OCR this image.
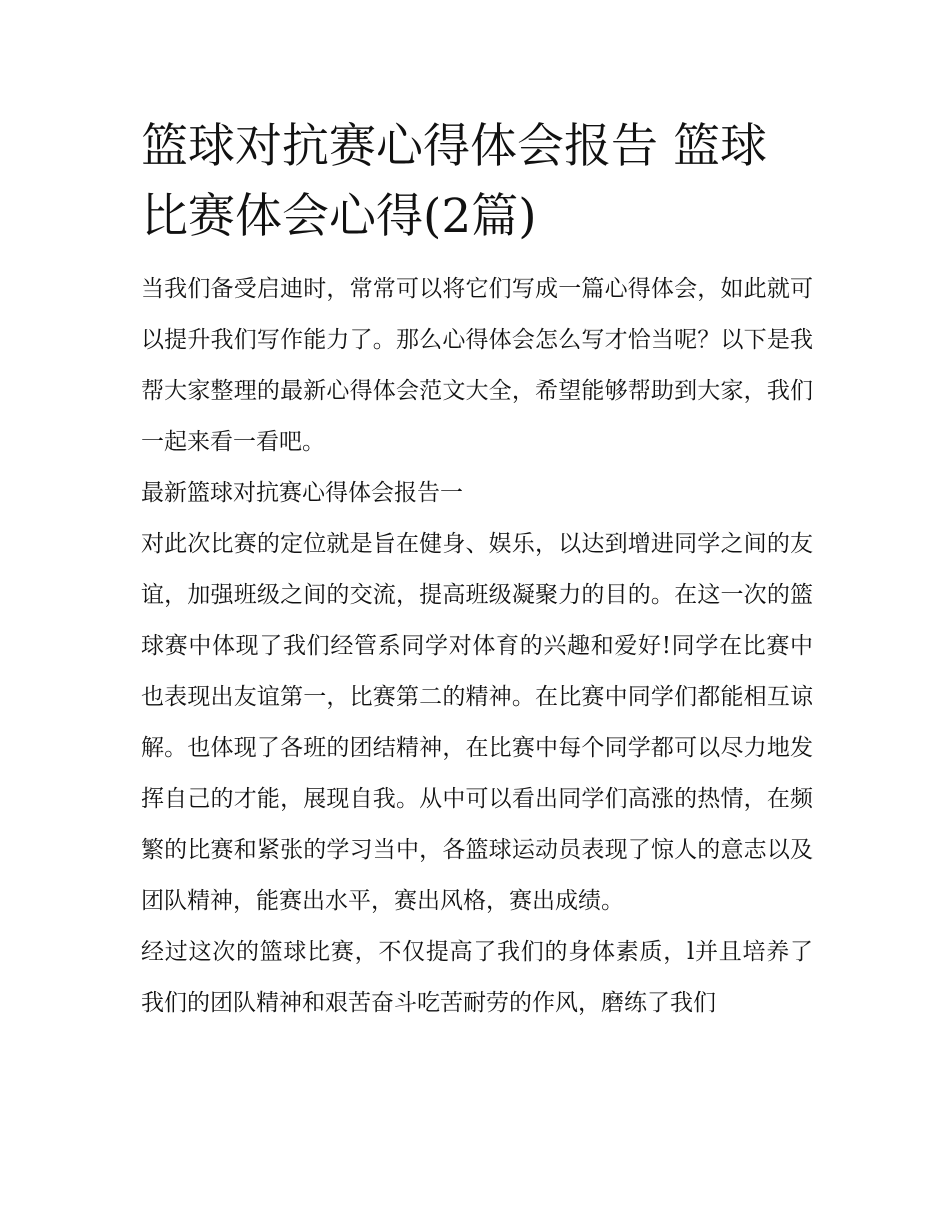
篮球对抗赛心得体会报告 篮球比赛体会心得(2篇)

当我们备受启迪时，常常可以将它们写成一篇心得体会，如此就可以提升我们写作能力了。那么心得体会怎么写才恰当呢？以下是我帮大家整理的最新心得体会范文大全，希望能够帮助到大家，我们一起来看一看吧。

最新篮球对抗赛心得体会报告一

对此次比赛的定位就是旨在健身、娱乐，以达到增进同学之间的友谊，加强班级之间的交流，提高班级凝聚力的目的。在这一次的篮球赛中体现了我们经管系同学对体育的兴趣和爱好!同学在比赛中也表现出友谊第一，比赛第二的精神。在比赛中同学们都能相互谅解。也体现了各班的团结精神，在比赛中每个同学都可以尽力地发挥自己的才能，展现自我。从中可以看出同学们高涨的热情，在频繁的比赛和紧张的学习当中，各篮球运动员表现了惊人的意志以及团队精神，能赛出水平，赛出风格，赛出成绩。

经过这次的篮球比赛，不仅提高了我们的身体素质，l并且培养了我们的团队精神和艰苦奋斗吃苦耐劳的作风，磨练了我们
